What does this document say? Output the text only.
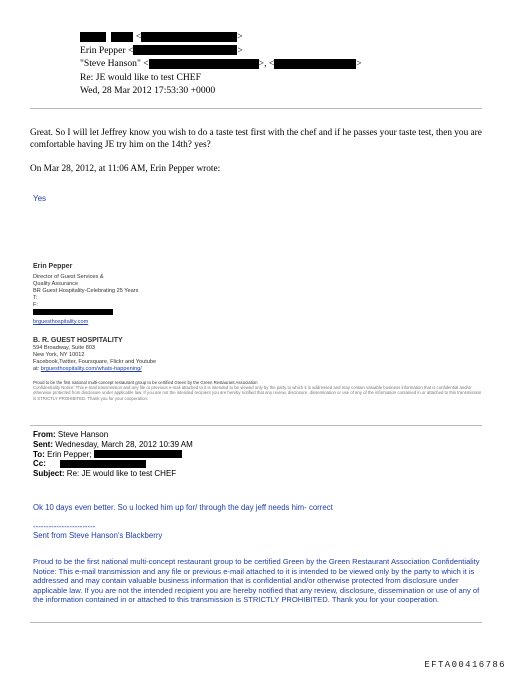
<	>
Erin Pepper <	>
"Steve Hanson" <	>, <	>
Re: JE would like to test CHEF
Wed, 28 Mar 2012 17:53:30 +0000
Great. So I will let Jeffrey know you wish to do a taste test first with the chef and if he passes your taste test, then you are comfortable having JE try him on the 14th? yes?
On Mar 28, 2012, at 11:06 AM, Erin Pepper wrote:
Yes
Erin Pepper
Director of Guest Services &
Quality Assurance
BR Guest Hospitality-Celebrating 25 Years
T:
F:
brguesthospitality.com
B. R. GUEST HOSPITALITY
594 Broadway, Suite 803
New York, NY 10012
Facebook,Twitter, Foursquare, Flickr and Youtube
at: brguesthospitality.com/whats-happening/
Proud to be the first national multi-concept restaurant group to be certified Green by the Green Restaurant Association
Confidentiality Notice: This e-mail transmission and any file or previous e-mail attached to it is intended to be viewed only by the party to which it is addressed and may contain valuable business information that is confidential and/or otherwise protected from disclosure under applicable law. If you are not the intended recipient you are hereby notified that any review, disclosure, dissemination or use of any of the information contained in or attached to this transmission is STRICTLY PROHIBITED. Thank you for your cooperation.
From: Steve Hanson
Sent: Wednesday, March 28, 2012 10:39 AM
To: Erin Pepper;
Cc:
Subject: Re: JE would like to test CHEF
Ok 10 days even better. So u locked him up for/ through the day jeff needs him- correct
------------------------
Sent from Steve Hanson's Blackberry
Proud to be the first national multi-concept restaurant group to be certified Green by the Green Restaurant Association Confidentiality Notice: This e-mail transmission and any file or previous e-mail attached to it is intended to be viewed only by the party to which it is addressed and may contain valuable business information that is confidential and/or otherwise protected from disclosure under applicable law. If you are not the intended recipient you are hereby notified that any review, disclosure, dissemination or use of any of the information contained in or attached to this transmission is STRICTLY PROHIBITED. Thank you for your cooperation.
EFTA00416786
